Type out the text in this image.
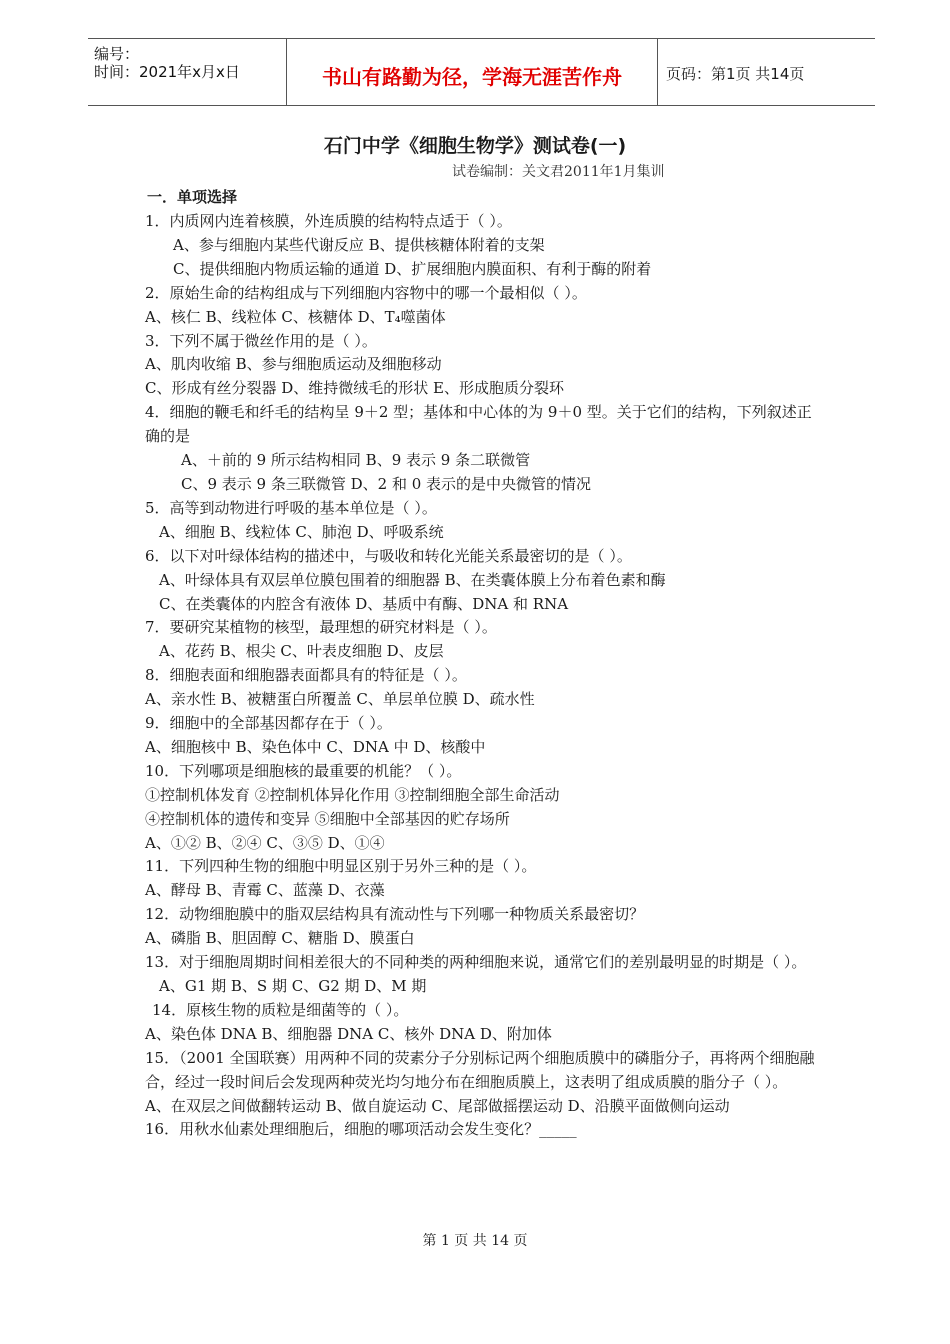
编号：
时间：2021年x月x日	书山有路勤为径，学海无涯苦作舟	页码：第1页 共14页
石门中学《细胞生物学》测试卷(一)
试卷编制：关文君2011年1月集训
一．单项选择
1．内质网内连着核膜，外连质膜的结构特点适于（ ）。
A、参与细胞内某些代谢反应 B、提供核糖体附着的支架
C、提供细胞内物质运输的通道 D、扩展细胞内膜面积、有利于酶的附着
2．原始生命的结构组成与下列细胞内容物中的哪一个最相似（ ）。
A、核仁 B、线粒体 C、核糖体 D、T₄噬菌体
3．下列不属于微丝作用的是（ ）。
A、肌肉收缩 B、参与细胞质运动及细胞移动
C、形成有丝分裂器 D、维持微绒毛的形状 E、形成胞质分裂环
4．细胞的鞭毛和纤毛的结构呈 9＋2 型；基体和中心体的为 9＋0 型。关于它们的结构，下列叙述正确的是
A、＋前的 9 所示结构相同 B、9 表示 9 条二联微管
C、9 表示 9 条三联微管 D、2 和 0 表示的是中央微管的情况
5．高等到动物进行呼吸的基本单位是（ ）。
A、细胞 B、线粒体 C、肺泡 D、呼吸系统
6．以下对叶绿体结构的描述中，与吸收和转化光能关系最密切的是（ ）。
A、叶绿体具有双层单位膜包围着的细胞器 B、在类囊体膜上分布着色素和酶
C、在类囊体的内腔含有液体 D、基质中有酶、DNA 和 RNA
7．要研究某植物的核型，最理想的研究材料是（ ）。
A、花药 B、根尖 C、叶表皮细胞 D、皮层
8．细胞表面和细胞器表面都具有的特征是（ ）。
A、亲水性 B、被糖蛋白所覆盖 C、单层单位膜 D、疏水性
9．细胞中的全部基因都存在于（ ）。
A、细胞核中 B、染色体中 C、DNA 中 D、核酸中
10．下列哪项是细胞核的最重要的机能？（ ）。
①控制机体发育 ②控制机体异化作用 ③控制细胞全部生命活动
④控制机体的遗传和变异 ⑤细胞中全部基因的贮存场所
A、①② B、②④ C、③⑤ D、①④
11．下列四种生物的细胞中明显区别于另外三种的是（ ）。
A、酵母 B、青霉 C、蓝藻 D、衣藻
12．动物细胞膜中的脂双层结构具有流动性与下列哪一种物质关系最密切？
A、磷脂 B、胆固醇 C、糖脂 D、膜蛋白
13．对于细胞周期时间相差很大的不同种类的两种细胞来说，通常它们的差别最明显的时期是（ ）。
A、G1 期 B、S 期 C、G2 期 D、M 期
14．原核生物的质粒是细菌等的（ ）。
A、染色体 DNA B、细胞器 DNA C、核外 DNA D、附加体
15．（2001 全国联赛）用两种不同的荧素分子分别标记两个细胞质膜中的磷脂分子，再将两个细胞融合，经过一段时间后会发现两种荧光均匀地分布在细胞质膜上，这表明了组成质膜的脂分子（ ）。
A、在双层之间做翻转运动 B、做自旋运动 C、尾部做摇摆运动 D、沿膜平面做侧向运动
16．用秋水仙素处理细胞后，细胞的哪项活动会发生变化？_____
第 1 页 共 14 页
